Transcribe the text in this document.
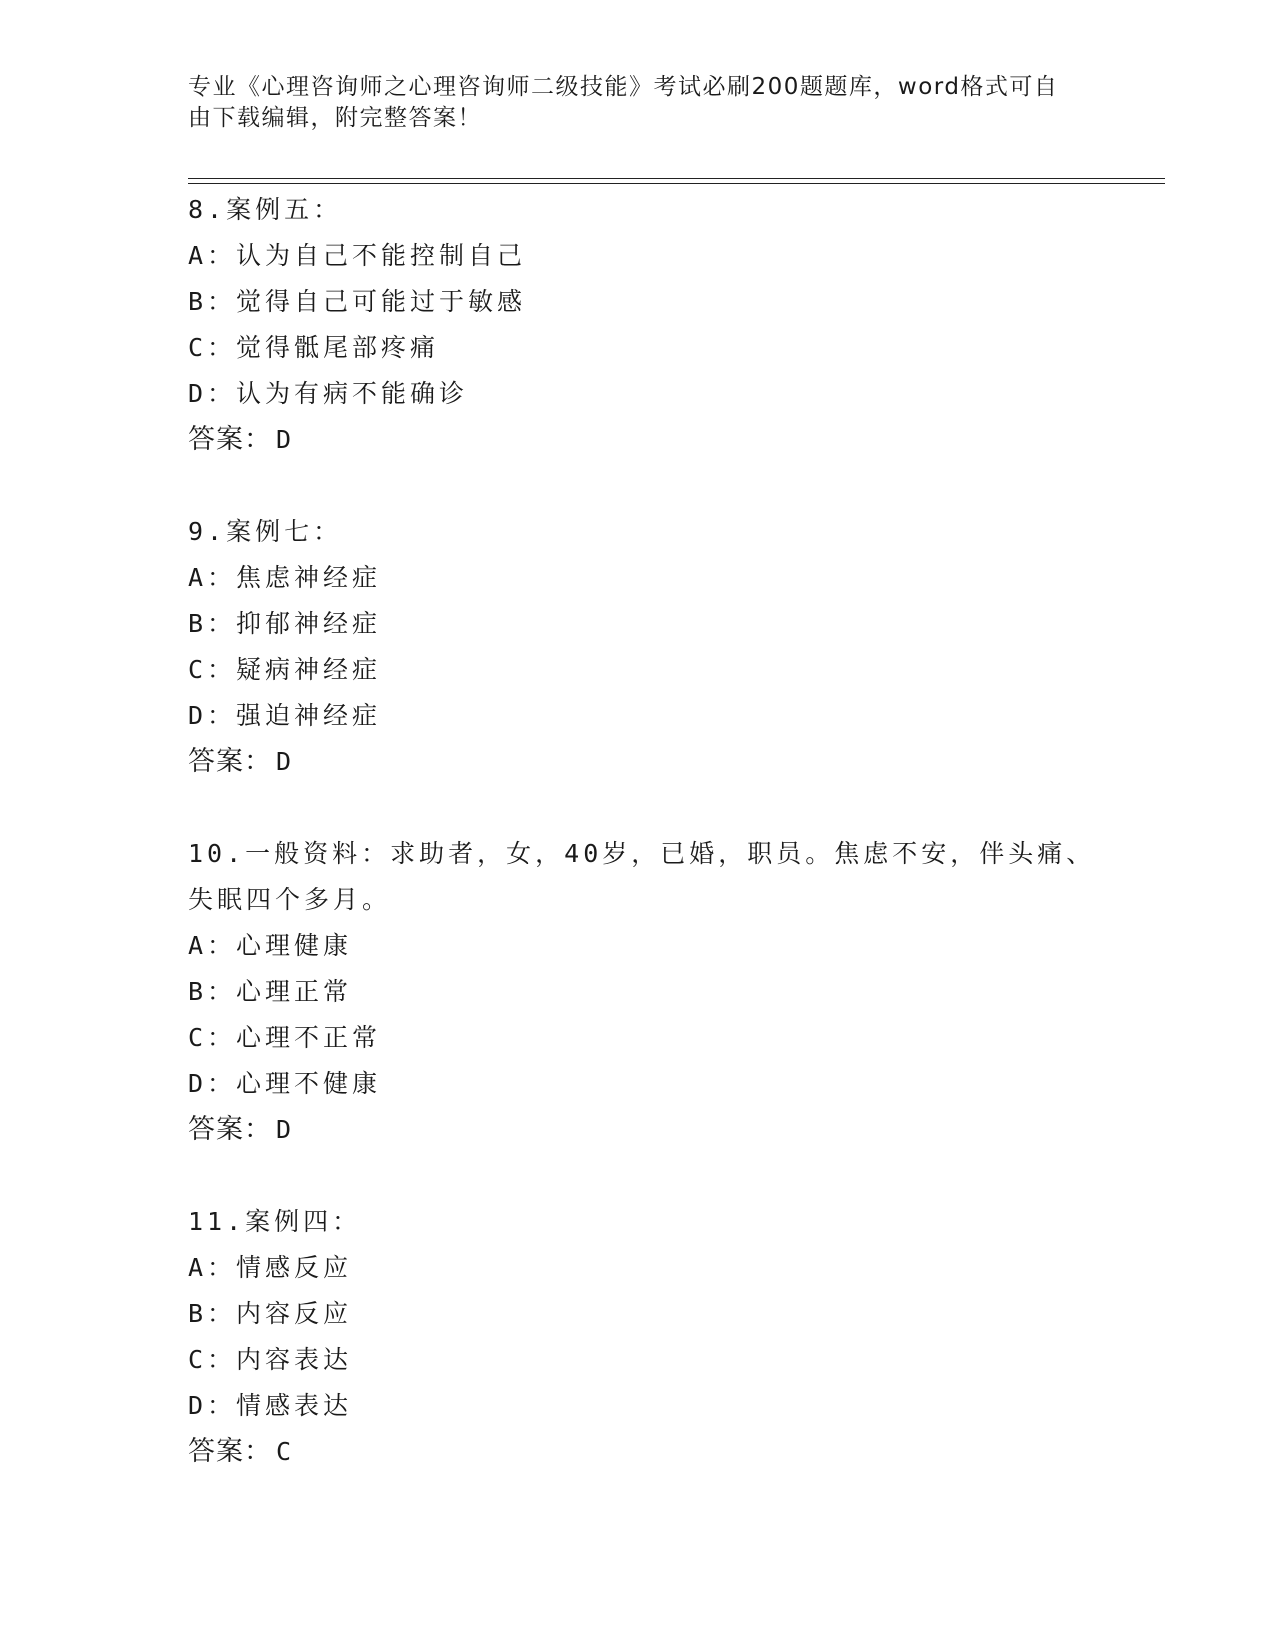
专业《心理咨询师之心理咨询师二级技能》考试必刷200题题库，word格式可自
由下载编辑，附完整答案！
8.案例五：
A：认为自己不能控制自己
B：觉得自己可能过于敏感
C：觉得骶尾部疼痛
D：认为有病不能确诊
答案： D
9.案例七：
A：焦虑神经症
B：抑郁神经症
C：疑病神经症
D：强迫神经症
答案： D
10.一般资料：求助者，女，40岁，已婚，职员。焦虑不安，伴头痛、
失眠四个多月。
A：心理健康
B：心理正常
C：心理不正常
D：心理不健康
答案： D
11.案例四：
A：情感反应
B：内容反应
C：内容表达
D：情感表达
答案： C
